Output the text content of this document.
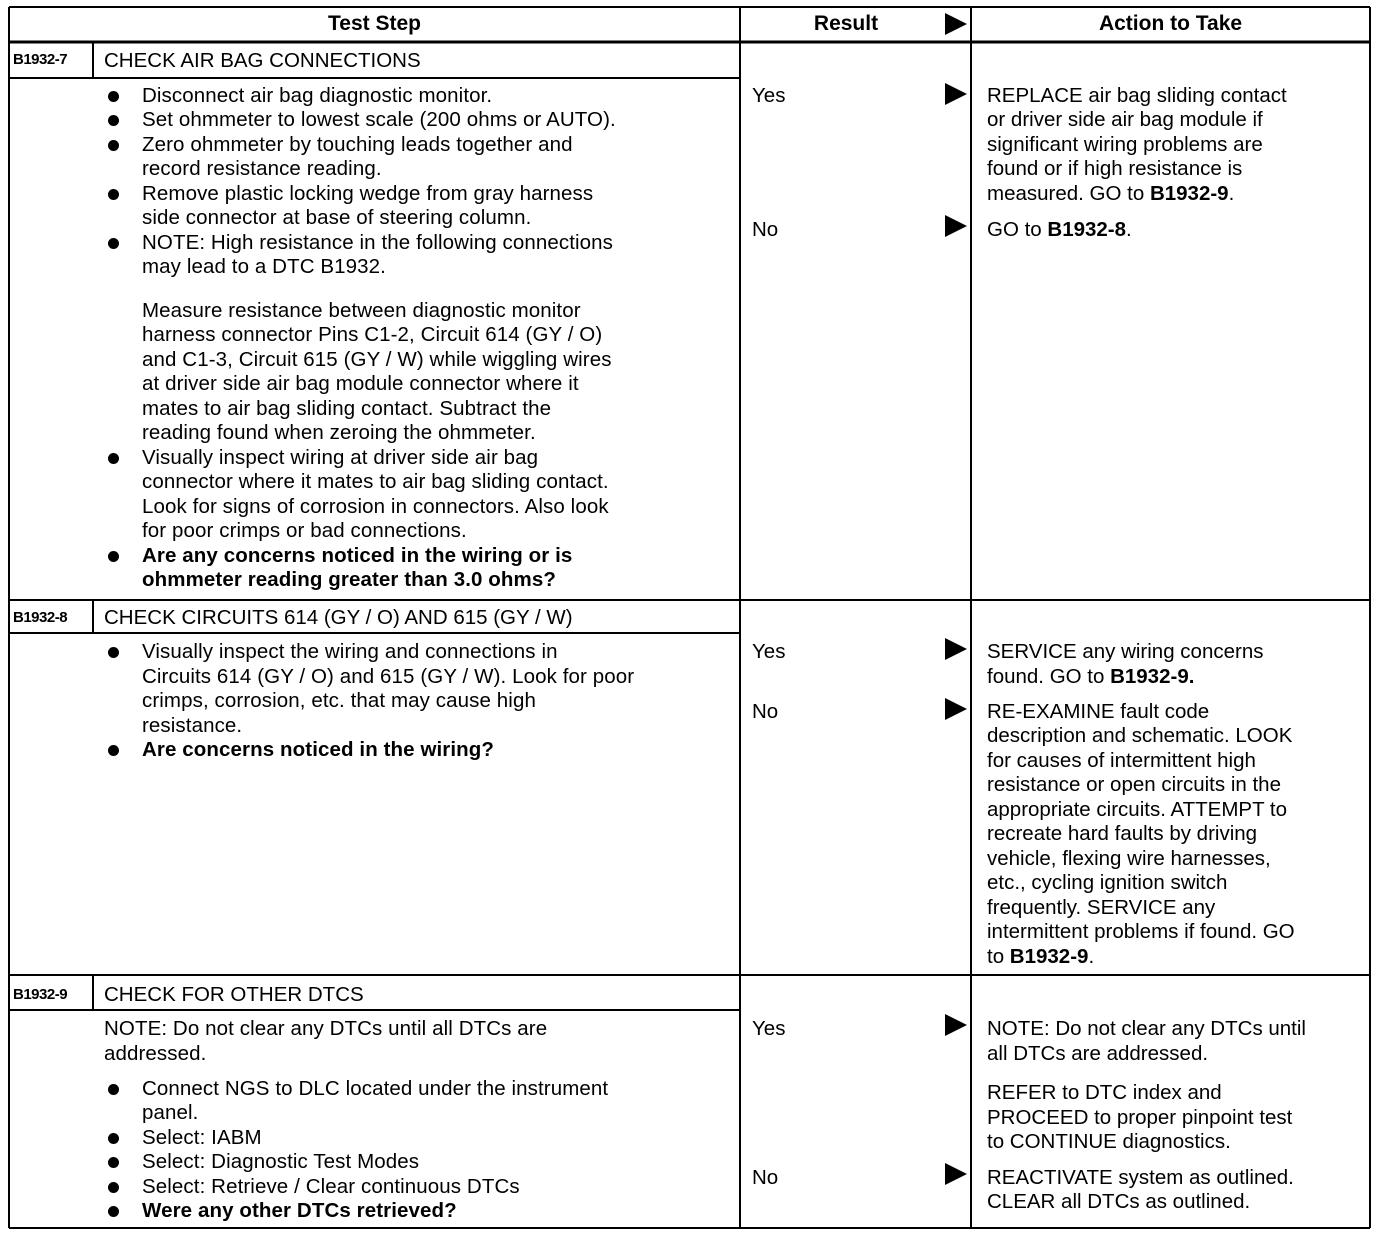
Test Step	Result	Action to Take
B1932-7 CHECK AIR BAG CONNECTIONS
Disconnect air bag diagnostic monitor.
Set ohmmeter to lowest scale (200 ohms or AUTO).
Zero ohmmeter by touching leads together and
record resistance reading.
Remove plastic locking wedge from gray harness
side connector at base of steering column.
NOTE: High resistance in the following connections
may lead to a DTC B1932.
Measure resistance between diagnostic monitor
harness connector Pins C1-2, Circuit 614 (GY / O)
and C1-3, Circuit 615 (GY / W) while wiggling wires
at driver side air bag module connector where it
mates to air bag sliding contact. Subtract the
reading found when zeroing the ohmmeter.
Visually inspect wiring at driver side air bag
connector where it mates to air bag sliding contact.
Look for signs of corrosion in connectors. Also look
for poor crimps or bad connections.
Are any concerns noticed in the wiring or is
ohmmeter reading greater than 3.0 ohms?
Yes
No
REPLACE air bag sliding contact
or driver side air bag module if
significant wiring problems are
found or if high resistance is
measured. GO to B1932-9.
GO to B1932-8.
B1932-8 CHECK CIRCUITS 614 (GY / O) AND 615 (GY / W)
Visually inspect the wiring and connections in
Circuits 614 (GY / O) and 615 (GY / W). Look for poor
crimps, corrosion, etc. that may cause high
resistance.
Are concerns noticed in the wiring?
Yes
No
SERVICE any wiring concerns
found. GO to B1932-9.
RE-EXAMINE fault code
description and schematic. LOOK
for causes of intermittent high
resistance or open circuits in the
appropriate circuits. ATTEMPT to
recreate hard faults by driving
vehicle, flexing wire harnesses,
etc., cycling ignition switch
frequently. SERVICE any
intermittent problems if found. GO
to B1932-9.
B1932-9 CHECK FOR OTHER DTCS
NOTE: Do not clear any DTCs until all DTCs are
addressed.
Connect NGS to DLC located under the instrument
panel.
Select: IABM
Select: Diagnostic Test Modes
Select: Retrieve / Clear continuous DTCs
Were any other DTCs retrieved?
Yes
No
NOTE: Do not clear any DTCs until
all DTCs are addressed.
REFER to DTC index and
PROCEED to proper pinpoint test
to CONTINUE diagnostics.
REACTIVATE system as outlined.
CLEAR all DTCs as outlined.
